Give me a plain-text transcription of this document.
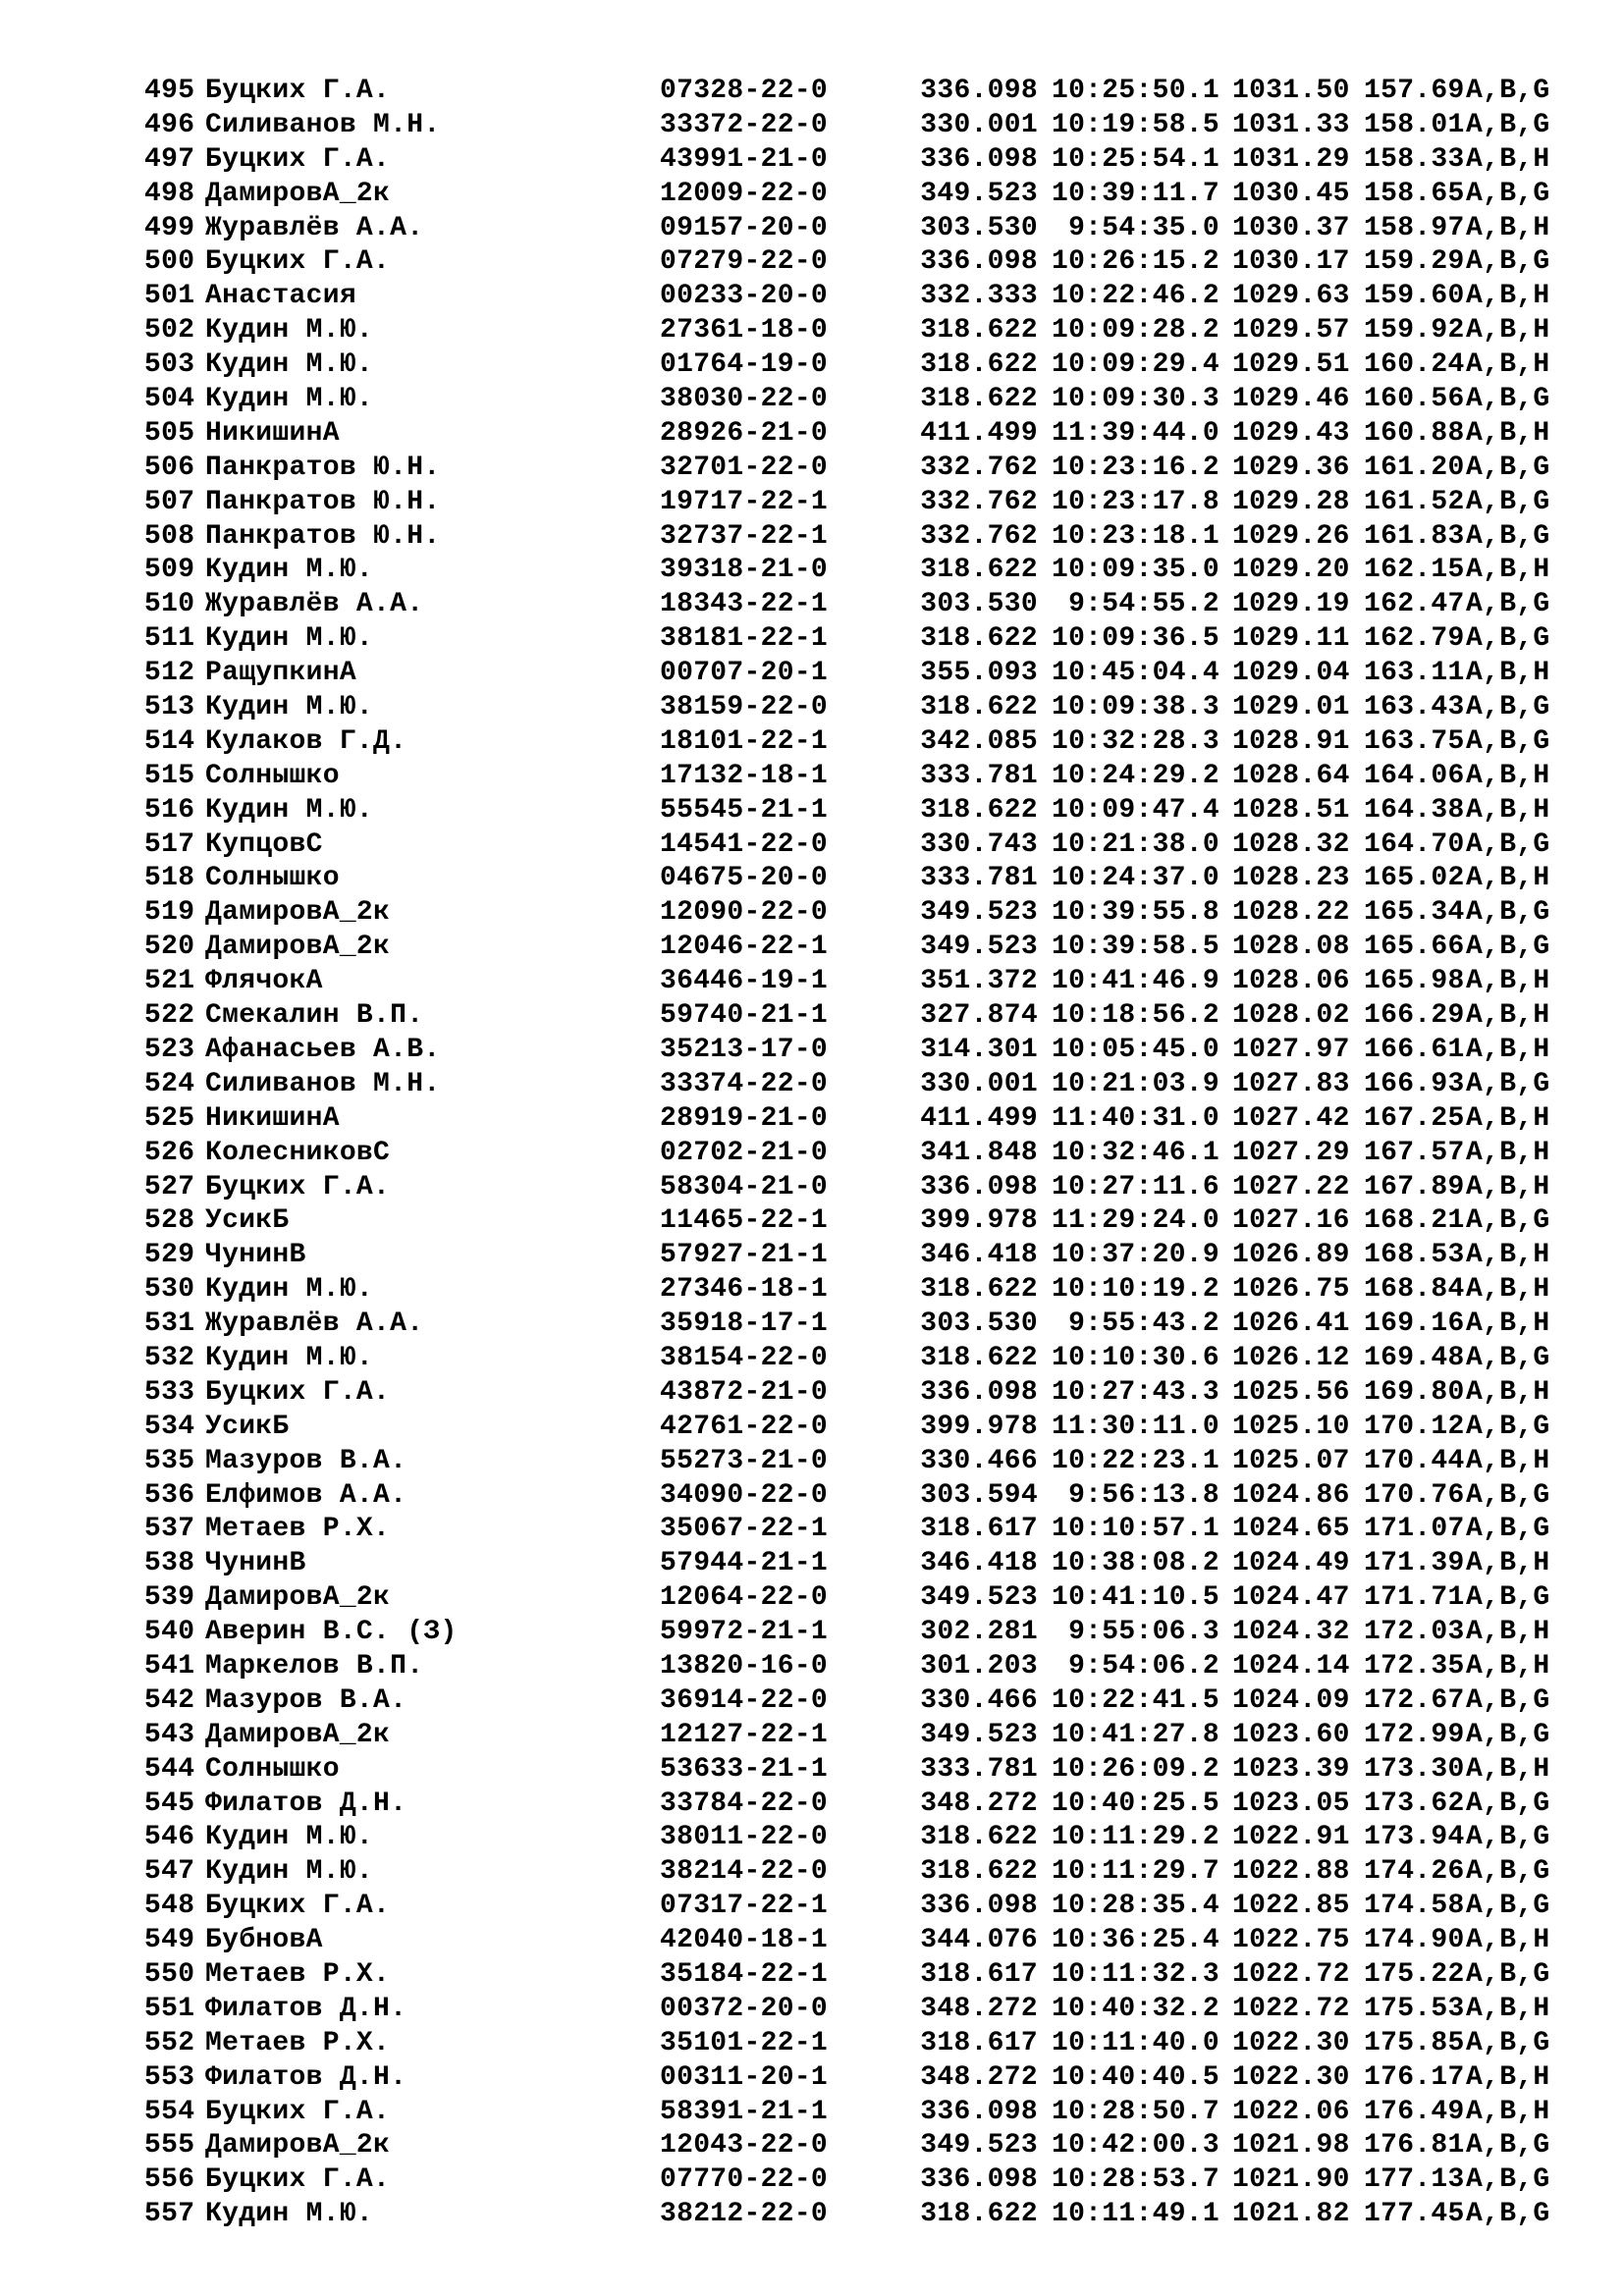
495 Буцких Г.А.	07328-22-0	336.098 10:25:50.1 1031.50 157.69A,B,G
496 Силиванов М.Н.	33372-22-0	330.001 10:19:58.5 1031.33 158.01A,B,G
497 Буцких Г.А.	43991-21-0	336.098 10:25:54.1 1031.29 158.33A,B,H
498 ДамировА_2к	12009-22-0	349.523 10:39:11.7 1030.45 158.65A,B,G
499 Журавлёв А.А.	09157-20-0	303.530 9:54:35.0 1030.37 158.97A,B,H
500 Буцких Г.А.	07279-22-0	336.098 10:26:15.2 1030.17 159.29A,B,G
501 Анастасия	00233-20-0	332.333 10:22:46.2 1029.63 159.60A,B,H
502 Кудин М.Ю.	27361-18-0	318.622 10:09:28.2 1029.57 159.92A,B,H
503 Кудин М.Ю.	01764-19-0	318.622 10:09:29.4 1029.51 160.24A,B,H
504 Кудин М.Ю.	38030-22-0	318.622 10:09:30.3 1029.46 160.56A,B,G
505 НикишинА	28926-21-0	411.499 11:39:44.0 1029.43 160.88A,B,H
506 Панкратов Ю.Н.	32701-22-0	332.762 10:23:16.2 1029.36 161.20A,B,G
507 Панкратов Ю.Н.	19717-22-1	332.762 10:23:17.8 1029.28 161.52A,B,G
508 Панкратов Ю.Н.	32737-22-1	332.762 10:23:18.1 1029.26 161.83A,B,G
509 Кудин М.Ю.	39318-21-0	318.622 10:09:35.0 1029.20 162.15A,B,H
510 Журавлёв А.А.	18343-22-1	303.530 9:54:55.2 1029.19 162.47A,B,G
511 Кудин М.Ю.	38181-22-1	318.622 10:09:36.5 1029.11 162.79A,B,G
512 РащупкинА	00707-20-1	355.093 10:45:04.4 1029.04 163.11A,B,H
513 Кудин М.Ю.	38159-22-0	318.622 10:09:38.3 1029.01 163.43A,B,G
514 Кулаков Г.Д.	18101-22-1	342.085 10:32:28.3 1028.91 163.75A,B,G
515 Солнышко	17132-18-1	333.781 10:24:29.2 1028.64 164.06A,B,H
516 Кудин М.Ю.	55545-21-1	318.622 10:09:47.4 1028.51 164.38A,B,H
517 КупцовС	14541-22-0	330.743 10:21:38.0 1028.32 164.70A,B,G
518 Солнышко	04675-20-0	333.781 10:24:37.0 1028.23 165.02A,B,H
519 ДамировА_2к	12090-22-0	349.523 10:39:55.8 1028.22 165.34A,B,G
520 ДамировА_2к	12046-22-1	349.523 10:39:58.5 1028.08 165.66A,B,G
521 ФлячокА	36446-19-1	351.372 10:41:46.9 1028.06 165.98A,B,H
522 Смекалин В.П.	59740-21-1	327.874 10:18:56.2 1028.02 166.29A,B,H
523 Афанасьев А.В.	35213-17-0	314.301 10:05:45.0 1027.97 166.61A,B,H
524 Силиванов М.Н.	33374-22-0	330.001 10:21:03.9 1027.83 166.93A,B,G
525 НикишинА	28919-21-0	411.499 11:40:31.0 1027.42 167.25A,B,H
526 КолесниковС	02702-21-0	341.848 10:32:46.1 1027.29 167.57A,B,H
527 Буцких Г.А.	58304-21-0	336.098 10:27:11.6 1027.22 167.89A,B,H
528 УсикБ	11465-22-1	399.978 11:29:24.0 1027.16 168.21A,B,G
529 ЧунинВ	57927-21-1	346.418 10:37:20.9 1026.89 168.53A,B,H
530 Кудин М.Ю.	27346-18-1	318.622 10:10:19.2 1026.75 168.84A,B,H
531 Журавлёв А.А.	35918-17-1	303.530 9:55:43.2 1026.41 169.16A,B,H
532 Кудин М.Ю.	38154-22-0	318.622 10:10:30.6 1026.12 169.48A,B,G
533 Буцких Г.А.	43872-21-0	336.098 10:27:43.3 1025.56 169.80A,B,H
534 УсикБ	42761-22-0	399.978 11:30:11.0 1025.10 170.12A,B,G
535 Мазуров В.А.	55273-21-0	330.466 10:22:23.1 1025.07 170.44A,B,H
536 Елфимов А.А.	34090-22-0	303.594 9:56:13.8 1024.86 170.76A,B,G
537 Метаев Р.Х.	35067-22-1	318.617 10:10:57.1 1024.65 171.07A,B,G
538 ЧунинВ	57944-21-1	346.418 10:38:08.2 1024.49 171.39A,B,H
539 ДамировА_2к	12064-22-0	349.523 10:41:10.5 1024.47 171.71A,B,G
540 Аверин В.С. (З)	59972-21-1	302.281 9:55:06.3 1024.32 172.03A,B,H
541 Маркелов В.П.	13820-16-0	301.203 9:54:06.2 1024.14 172.35A,B,H
542 Мазуров В.А.	36914-22-0	330.466 10:22:41.5 1024.09 172.67A,B,G
543 ДамировА_2к	12127-22-1	349.523 10:41:27.8 1023.60 172.99A,B,G
544 Солнышко	53633-21-1	333.781 10:26:09.2 1023.39 173.30A,B,H
545 Филатов Д.Н.	33784-22-0	348.272 10:40:25.5 1023.05 173.62A,B,G
546 Кудин М.Ю.	38011-22-0	318.622 10:11:29.2 1022.91 173.94A,B,G
547 Кудин М.Ю.	38214-22-0	318.622 10:11:29.7 1022.88 174.26A,B,G
548 Буцких Г.А.	07317-22-1	336.098 10:28:35.4 1022.85 174.58A,B,G
549 БубновА	42040-18-1	344.076 10:36:25.4 1022.75 174.90A,B,H
550 Метаев Р.Х.	35184-22-1	318.617 10:11:32.3 1022.72 175.22A,B,G
551 Филатов Д.Н.	00372-20-0	348.272 10:40:32.2 1022.72 175.53A,B,H
552 Метаев Р.Х.	35101-22-1	318.617 10:11:40.0 1022.30 175.85A,B,G
553 Филатов Д.Н.	00311-20-1	348.272 10:40:40.5 1022.30 176.17A,B,H
554 Буцких Г.А.	58391-21-1	336.098 10:28:50.7 1022.06 176.49A,B,H
555 ДамировА_2к	12043-22-0	349.523 10:42:00.3 1021.98 176.81A,B,G
556 Буцких Г.А.	07770-22-0	336.098 10:28:53.7 1021.90 177.13A,B,G
557 Кудин М.Ю.	38212-22-0	318.622 10:11:49.1 1021.82 177.45A,B,G
